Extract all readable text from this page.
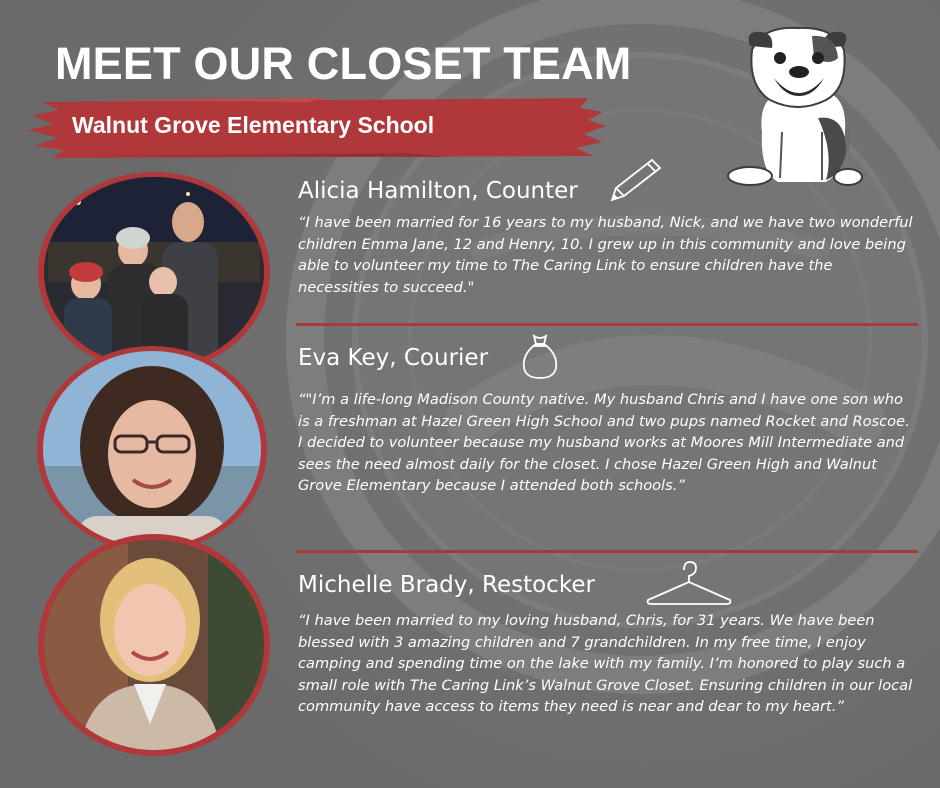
MEET OUR CLOSET TEAM
Walnut Grove Elementary School
Alicia Hamilton, Counter

“I have been married for 16 years to my husband, Nick, and we have two wonderful children Emma Jane, 12 and Henry, 10. I grew up in this community and love being able to volunteer my time to The Caring Link to ensure children have the necessities to succeed."

Eva Key, Courier

“"I’m a life-long Madison County native. My husband Chris and I have one son who is a freshman at Hazel Green High School and two pups named Rocket and Roscoe. I decided to volunteer because my husband works at Moores Mill Intermediate and sees the need almost daily for the closet. I chose Hazel Green High and Walnut Grove Elementary because I attended both schools.”

Michelle Brady, Restocker

“I have been married to my loving husband, Chris, for 31 years. We have been blessed with 3 amazing children and 7 grandchildren. In my free time, I enjoy camping and spending time on the lake with my family. I’m honored to play such a small role with The Caring Link’s Walnut Grove Closet. Ensuring children in our local community have access to items they need is near and dear to my heart.”
